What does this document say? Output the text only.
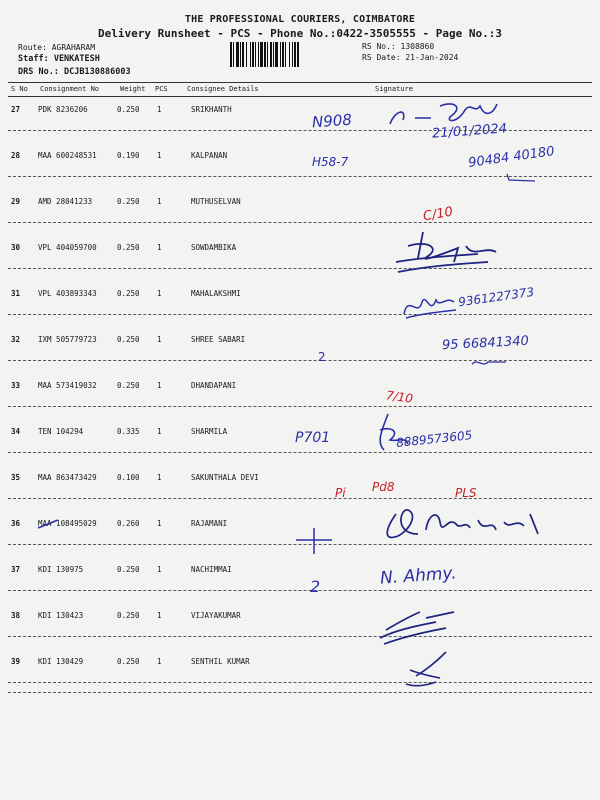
THE PROFESSIONAL COURIERS, COIMBATORE
Delivery Runsheet - PCS - Phone No.:0422-3505555 - Page No.:3
Route: AGRAHARAM
Staff: VENKATESH
DRS No.: DCJB130886003
RS No.: 1308860
RS Date: 21-Jan-2024
S No Consignment No	Weight PCS	Consignee Details	Signature
27 PDK 8236206	0.250 1	SRIKHANTH
28 MAA 600248531	0.190 1	KALPANAN
29 AMD 28041233	0.250 1	MUTHUSELVAN
30 VPL 404059700	0.250 1	SOWDAMBIKA
31 VPL 403893343	0.250 1	MAHALAKSHMI
32 IXM 505779723	0.250 1	SHREE SABARI
33 MAA 573419032	0.250 1	DHANDAPANI
34 TEN 104294	0.335 1	SHARMILA
35 MAA 863473429	0.100 1	SAKUNTHALA DEVI
36 MAA 108495029	0.260 1	RAJAMANI
37 KDI 130975	0.250 1	NACHIMMAI
38 KDI 130423	0.250 1	VIJAYAKUMAR
39 KDI 130429	0.250 1	SENTHIL KUMAR
N908
21/01/2024
H58-7	90484 40180
C/10
9361227373
95 66841340
2
7/10
P701	8889573605
Pi Pd8	PLS
2	N. Ahmy.
